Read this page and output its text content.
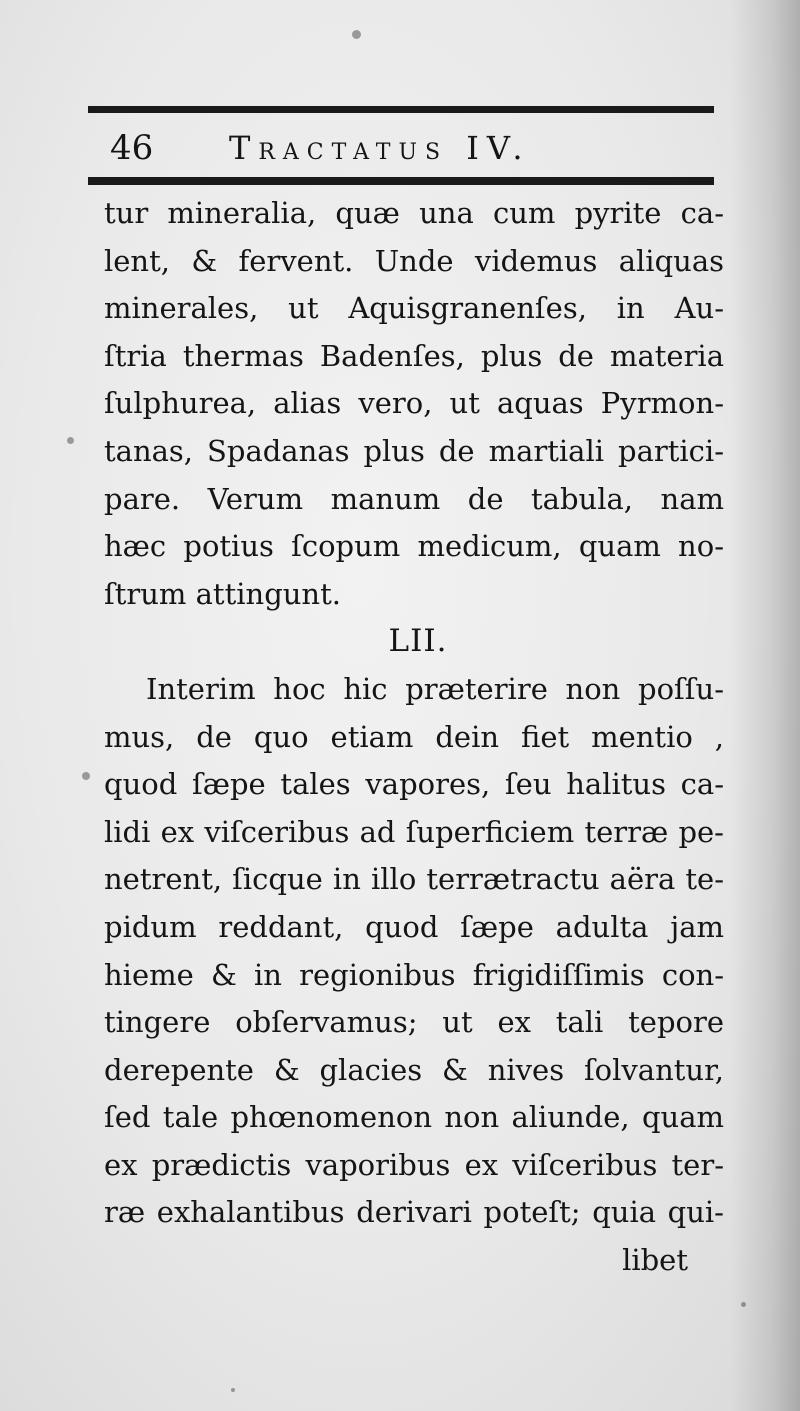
46 Tractatus IV.
tur mineralia, quæ una cum pyrite ca-
lent, & fervent. Unde videmus aliquas
minerales, ut Aquisgranenſes, in Au-
ſtria thermas Badenſes, plus de materia
ſulphurea, alias vero, ut aquas Pyrmon-
tanas, Spadanas plus de martiali partici-
pare. Verum manum de tabula, nam
hæc potius ſcopum medicum, quam no-
ſtrum attingunt.
LII.
Interim hoc hic præterire non poſſu-
mus, de quo etiam dein fiet mentio ,
quod ſæpe tales vapores, ſeu halitus ca-
lidi ex viſceribus ad ſuperficiem terræ pe-
netrent, ſicque in illo terrætractu aëra te-
pidum reddant, quod ſæpe adulta jam
hieme & in regionibus frigidiſſimis con-
tingere obſervamus; ut ex tali tepore
derepente & glacies & nives ſolvantur,
ſed tale phœnomenon non aliunde, quam
ex prædictis vaporibus ex viſceribus ter-
ræ exhalantibus derivari poteſt; quia qui-
libet
